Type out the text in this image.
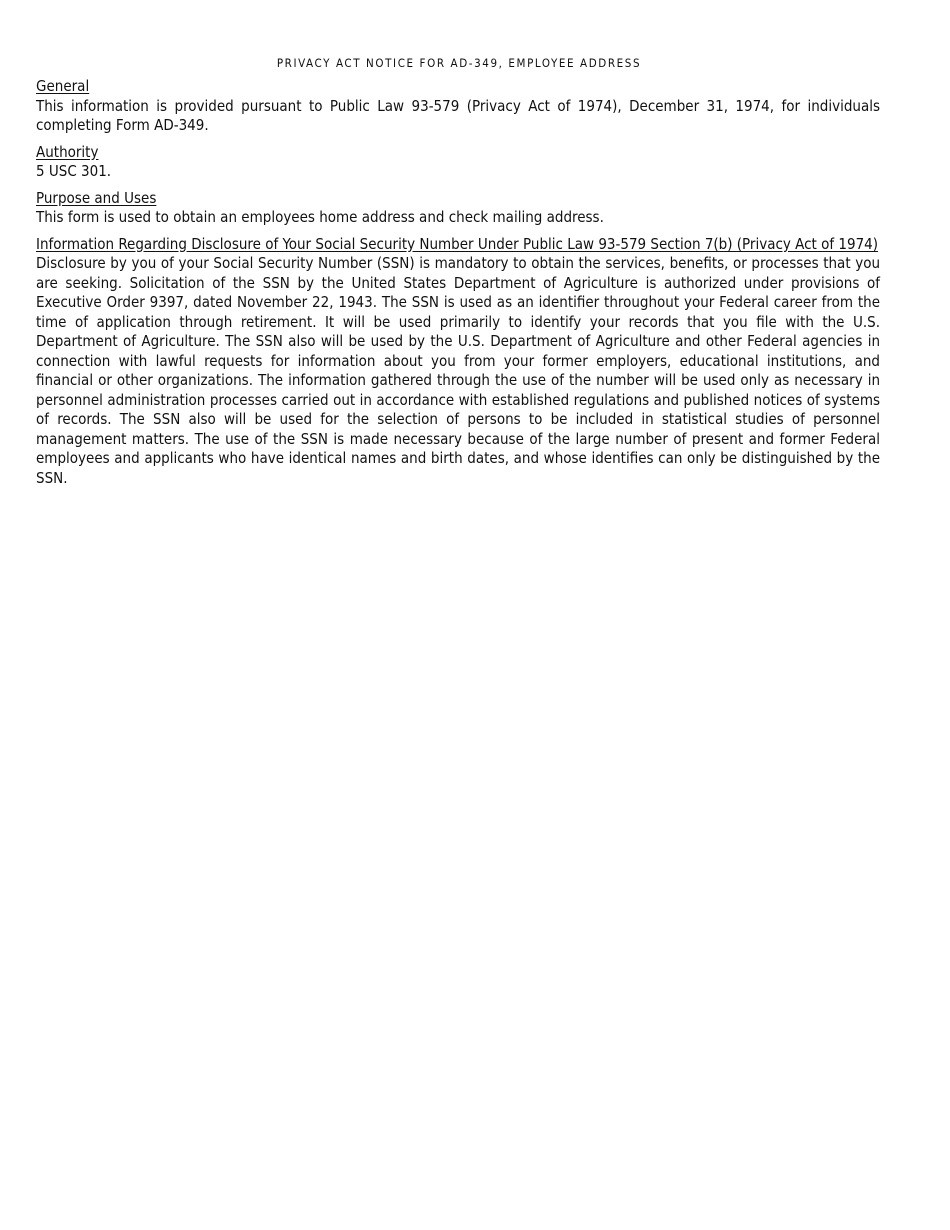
PRIVACY ACT NOTICE FOR AD-349, EMPLOYEE ADDRESS
General
This information is provided pursuant to Public Law 93-579 (Privacy Act of 1974), December 31, 1974, for individuals completing Form AD-349.
Authority
5 USC 301.
Purpose and Uses
This form is used to obtain an employees home address and check mailing address.
Information Regarding Disclosure of Your Social Security Number Under Public Law 93-579 Section 7(b) (Privacy Act of 1974)
Disclosure by you of your Social Security Number (SSN) is mandatory to obtain the services, benefits, or processes that you are seeking. Solicitation of the SSN by the United States Department of Agriculture is authorized under provisions of Executive Order 9397, dated November 22, 1943. The SSN is used as an identifier throughout your Federal career from the time of application through retirement. It will be used primarily to identify your records that you file with the U.S. Department of Agriculture. The SSN also will be used by the U.S. Department of Agriculture and other Federal agencies in connection with lawful requests for information about you from your former employers, educational institutions, and financial or other organizations. The information gathered through the use of the number will be used only as necessary in personnel administration processes carried out in accordance with established regulations and published notices of systems of records. The SSN also will be used for the selection of persons to be included in statistical studies of personnel management matters. The use of the SSN is made necessary because of the large number of present and former Federal employees and applicants who have identical names and birth dates, and whose identifies can only be distinguished by the SSN.
